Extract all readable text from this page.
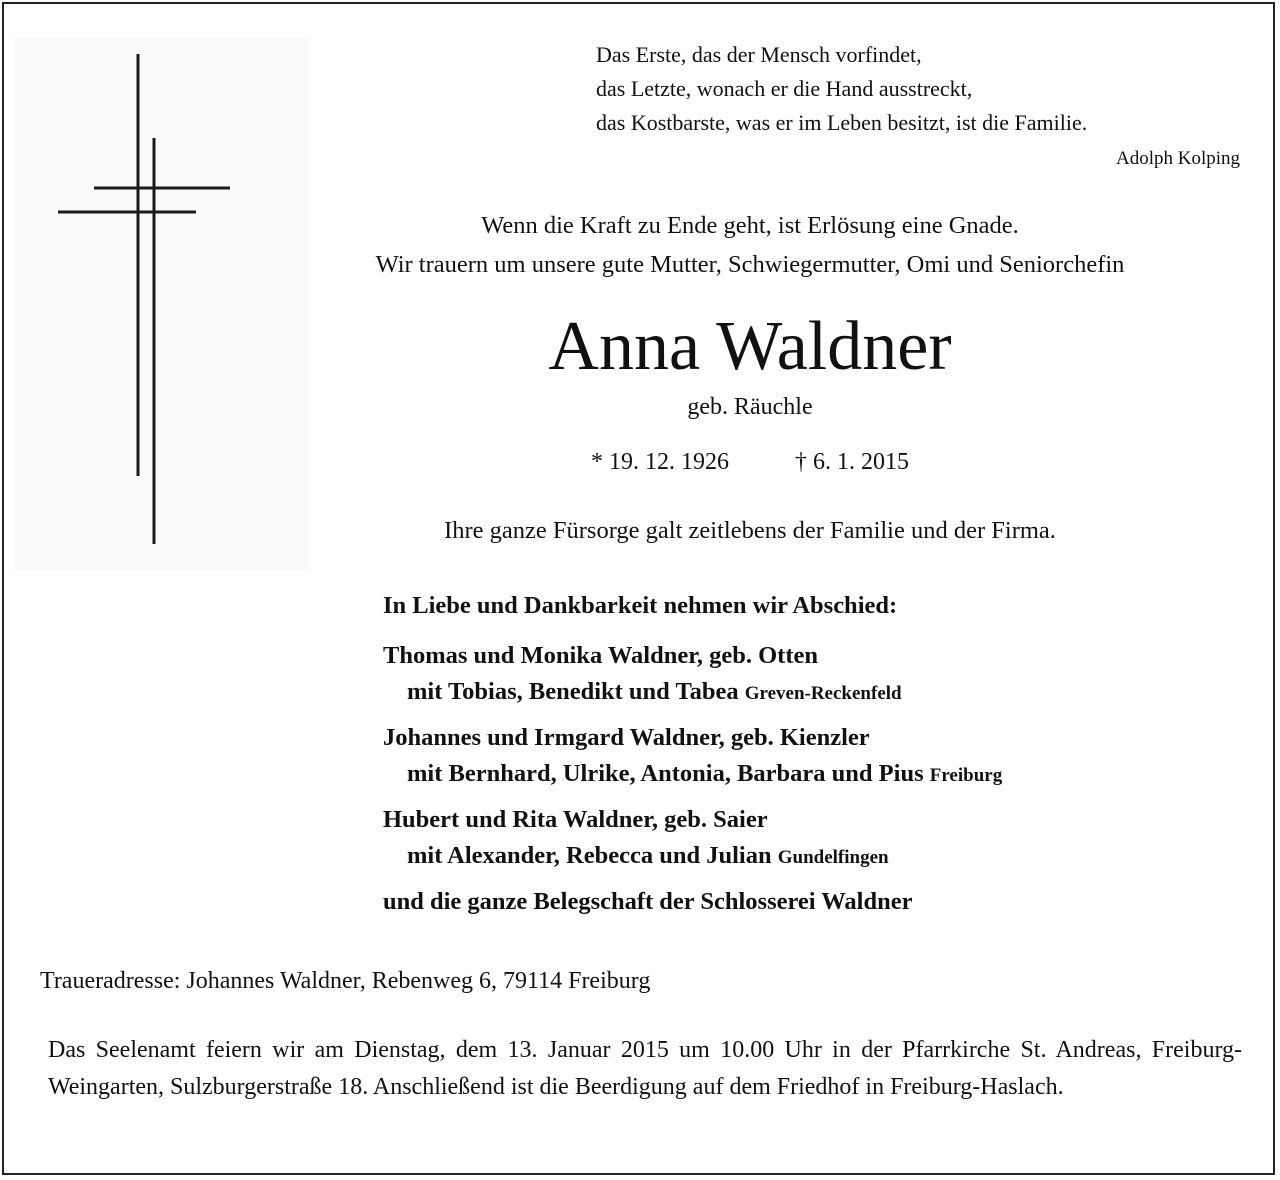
Das Erste, das der Mensch vorfindet,
das Letzte, wonach er die Hand ausstreckt,
das Kostbarste, was er im Leben besitzt, ist die Familie.
Adolph Kolping
Wenn die Kraft zu Ende geht, ist Erlösung eine Gnade.
Wir trauern um unsere gute Mutter, Schwiegermutter, Omi und Seniorchefin
Anna Waldner
geb. Räuchle
* 19. 12. 1926	† 6. 1. 2015
Ihre ganze Fürsorge galt zeitlebens der Familie und der Firma.
In Liebe und Dankbarkeit nehmen wir Abschied:
Thomas und Monika Waldner, geb. Otten
mit Tobias, Benedikt und Tabea Greven-Reckenfeld
Johannes und Irmgard Waldner, geb. Kienzler
mit Bernhard, Ulrike, Antonia, Barbara und Pius Freiburg
Hubert und Rita Waldner, geb. Saier
mit Alexander, Rebecca und Julian Gundelfingen
und die ganze Belegschaft der Schlosserei Waldner
Traueradresse: Johannes Waldner, Rebenweg 6, 79114 Freiburg
Das Seelenamt feiern wir am Dienstag, dem 13. Januar 2015 um 10.00 Uhr in der Pfarrkirche St. Andreas, Freiburg-Weingarten, Sulzburgerstraße 18. Anschließend ist die Beerdigung auf dem Friedhof in Freiburg-Haslach.
